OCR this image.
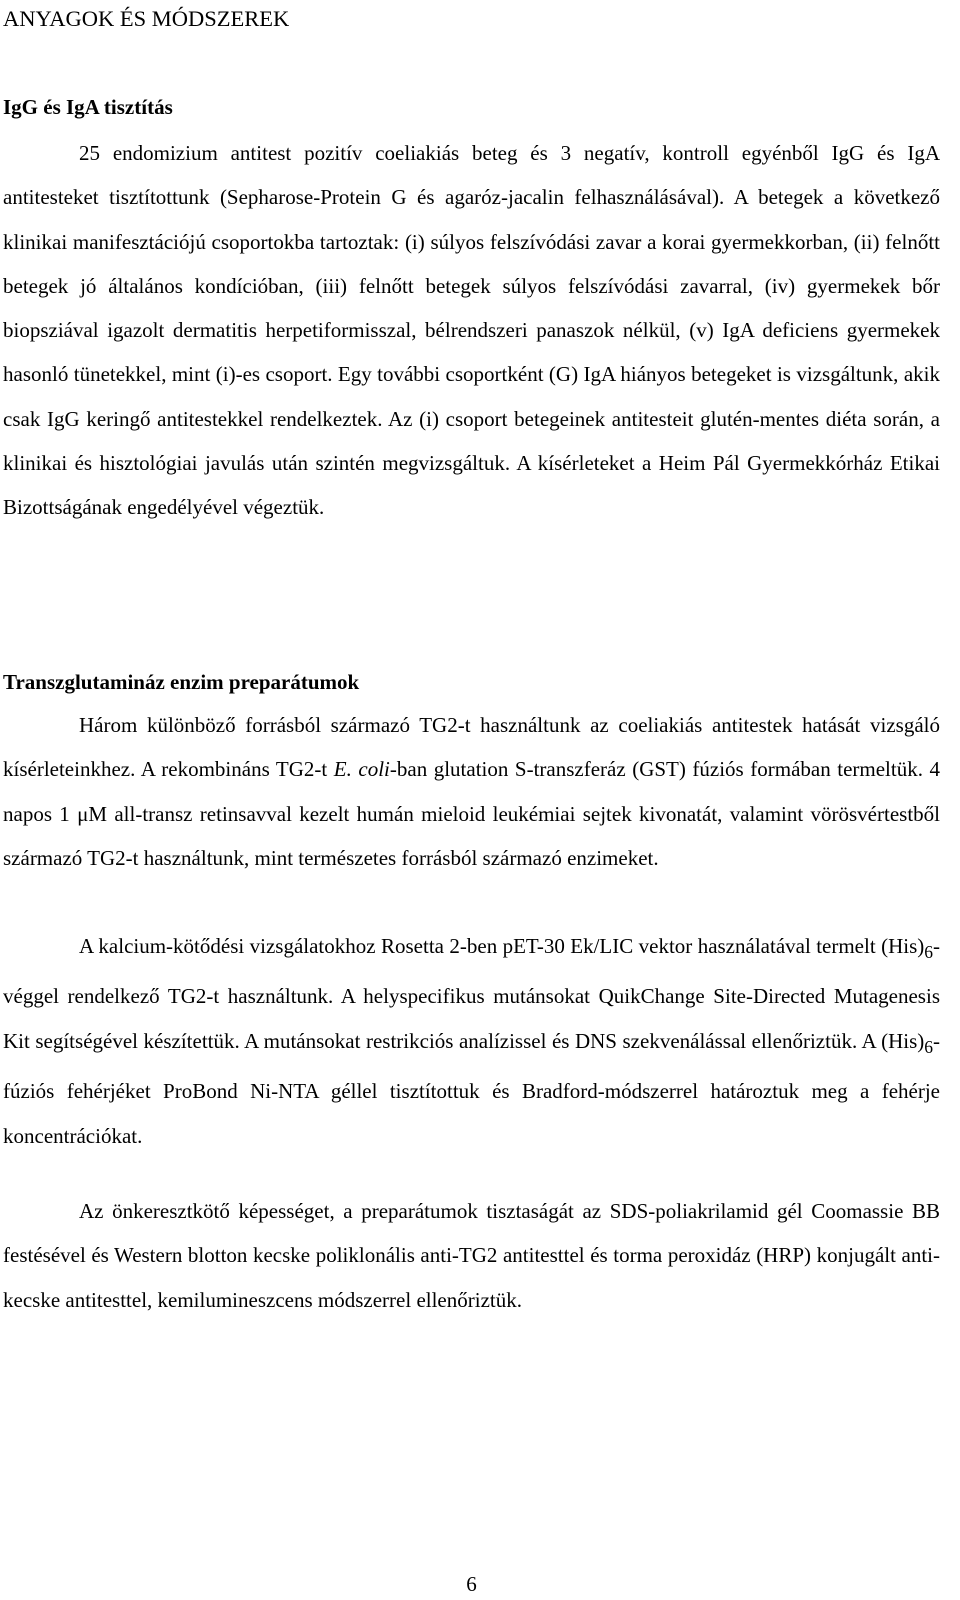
ANYAGOK ÉS MÓDSZEREK
IgG és IgA tisztítás

25 endomizium antitest pozitív coeliakiás beteg és 3 negatív, kontroll egyénből IgG és IgA antitesteket tisztítottunk (Sepharose-Protein G és agaróz-jacalin felhasználásával). A betegek a következő klinikai manifesztációjú csoportokba tartoztak: (i) súlyos felszívódási zavar a korai gyermekkorban, (ii) felnőtt betegek jó általános kondícióban, (iii) felnőtt betegek súlyos felszívódási zavarral, (iv) gyermekek bőr biopsziával igazolt dermatitis herpetiformisszal, bélrendszeri panaszok nélkül, (v) IgA deficiens gyermekek hasonló tünetekkel, mint (i)-es csoport. Egy további csoportként (G) IgA hiányos betegeket is vizsgáltunk, akik csak IgG keringő antitestekkel rendelkeztek. Az (i) csoport betegeinek antitesteit glutén-mentes diéta során, a klinikai és hisztológiai javulás után szintén megvizsgáltuk. A kísérleteket a Heim Pál Gyermekkórház Etikai Bizottságának engedélyével végeztük.

Transzglutamináz enzim preparátumok

Három különböző forrásból származó TG2-t használtunk az coeliakiás antitestek hatását vizsgáló kísérleteinkhez. A rekombináns TG2-t E. coli-ban glutation S-transzferáz (GST) fúziós formában termeltük. 4 napos 1 μM all-transz retinsavval kezelt humán mieloid leukémiai sejtek kivonatát, valamint vörösvértestből származó TG2-t használtunk, mint természetes forrásból származó enzimeket.

A kalcium-kötődési vizsgálatokhoz Rosetta 2-ben pET-30 Ek/LIC vektor használatával termelt $(His)_6$-véggel rendelkező TG2-t használtunk. A helyspecifikus mutánsokat QuikChange Site-Directed Mutagenesis Kit segítségével készítettük. A mutánsokat restrikciós analízissel és DNS szekvenálással ellenőriztük. A $(His)_6$-fúziós fehérjéket ProBond Ni-NTA géllel tisztítottuk és Bradford-módszerrel határoztuk meg a fehérje koncentrációkat.

Az önkeresztkötő képességet, a preparátumok tisztaságát az SDS-poliakrilamid gél Coomassie BB festésével és Western blotton kecske poliklonális anti-TG2 antitesttel és torma peroxidáz (HRP) konjugált anti-kecske antitesttel, kemilumineszcens módszerrel ellenőriztük.

6
